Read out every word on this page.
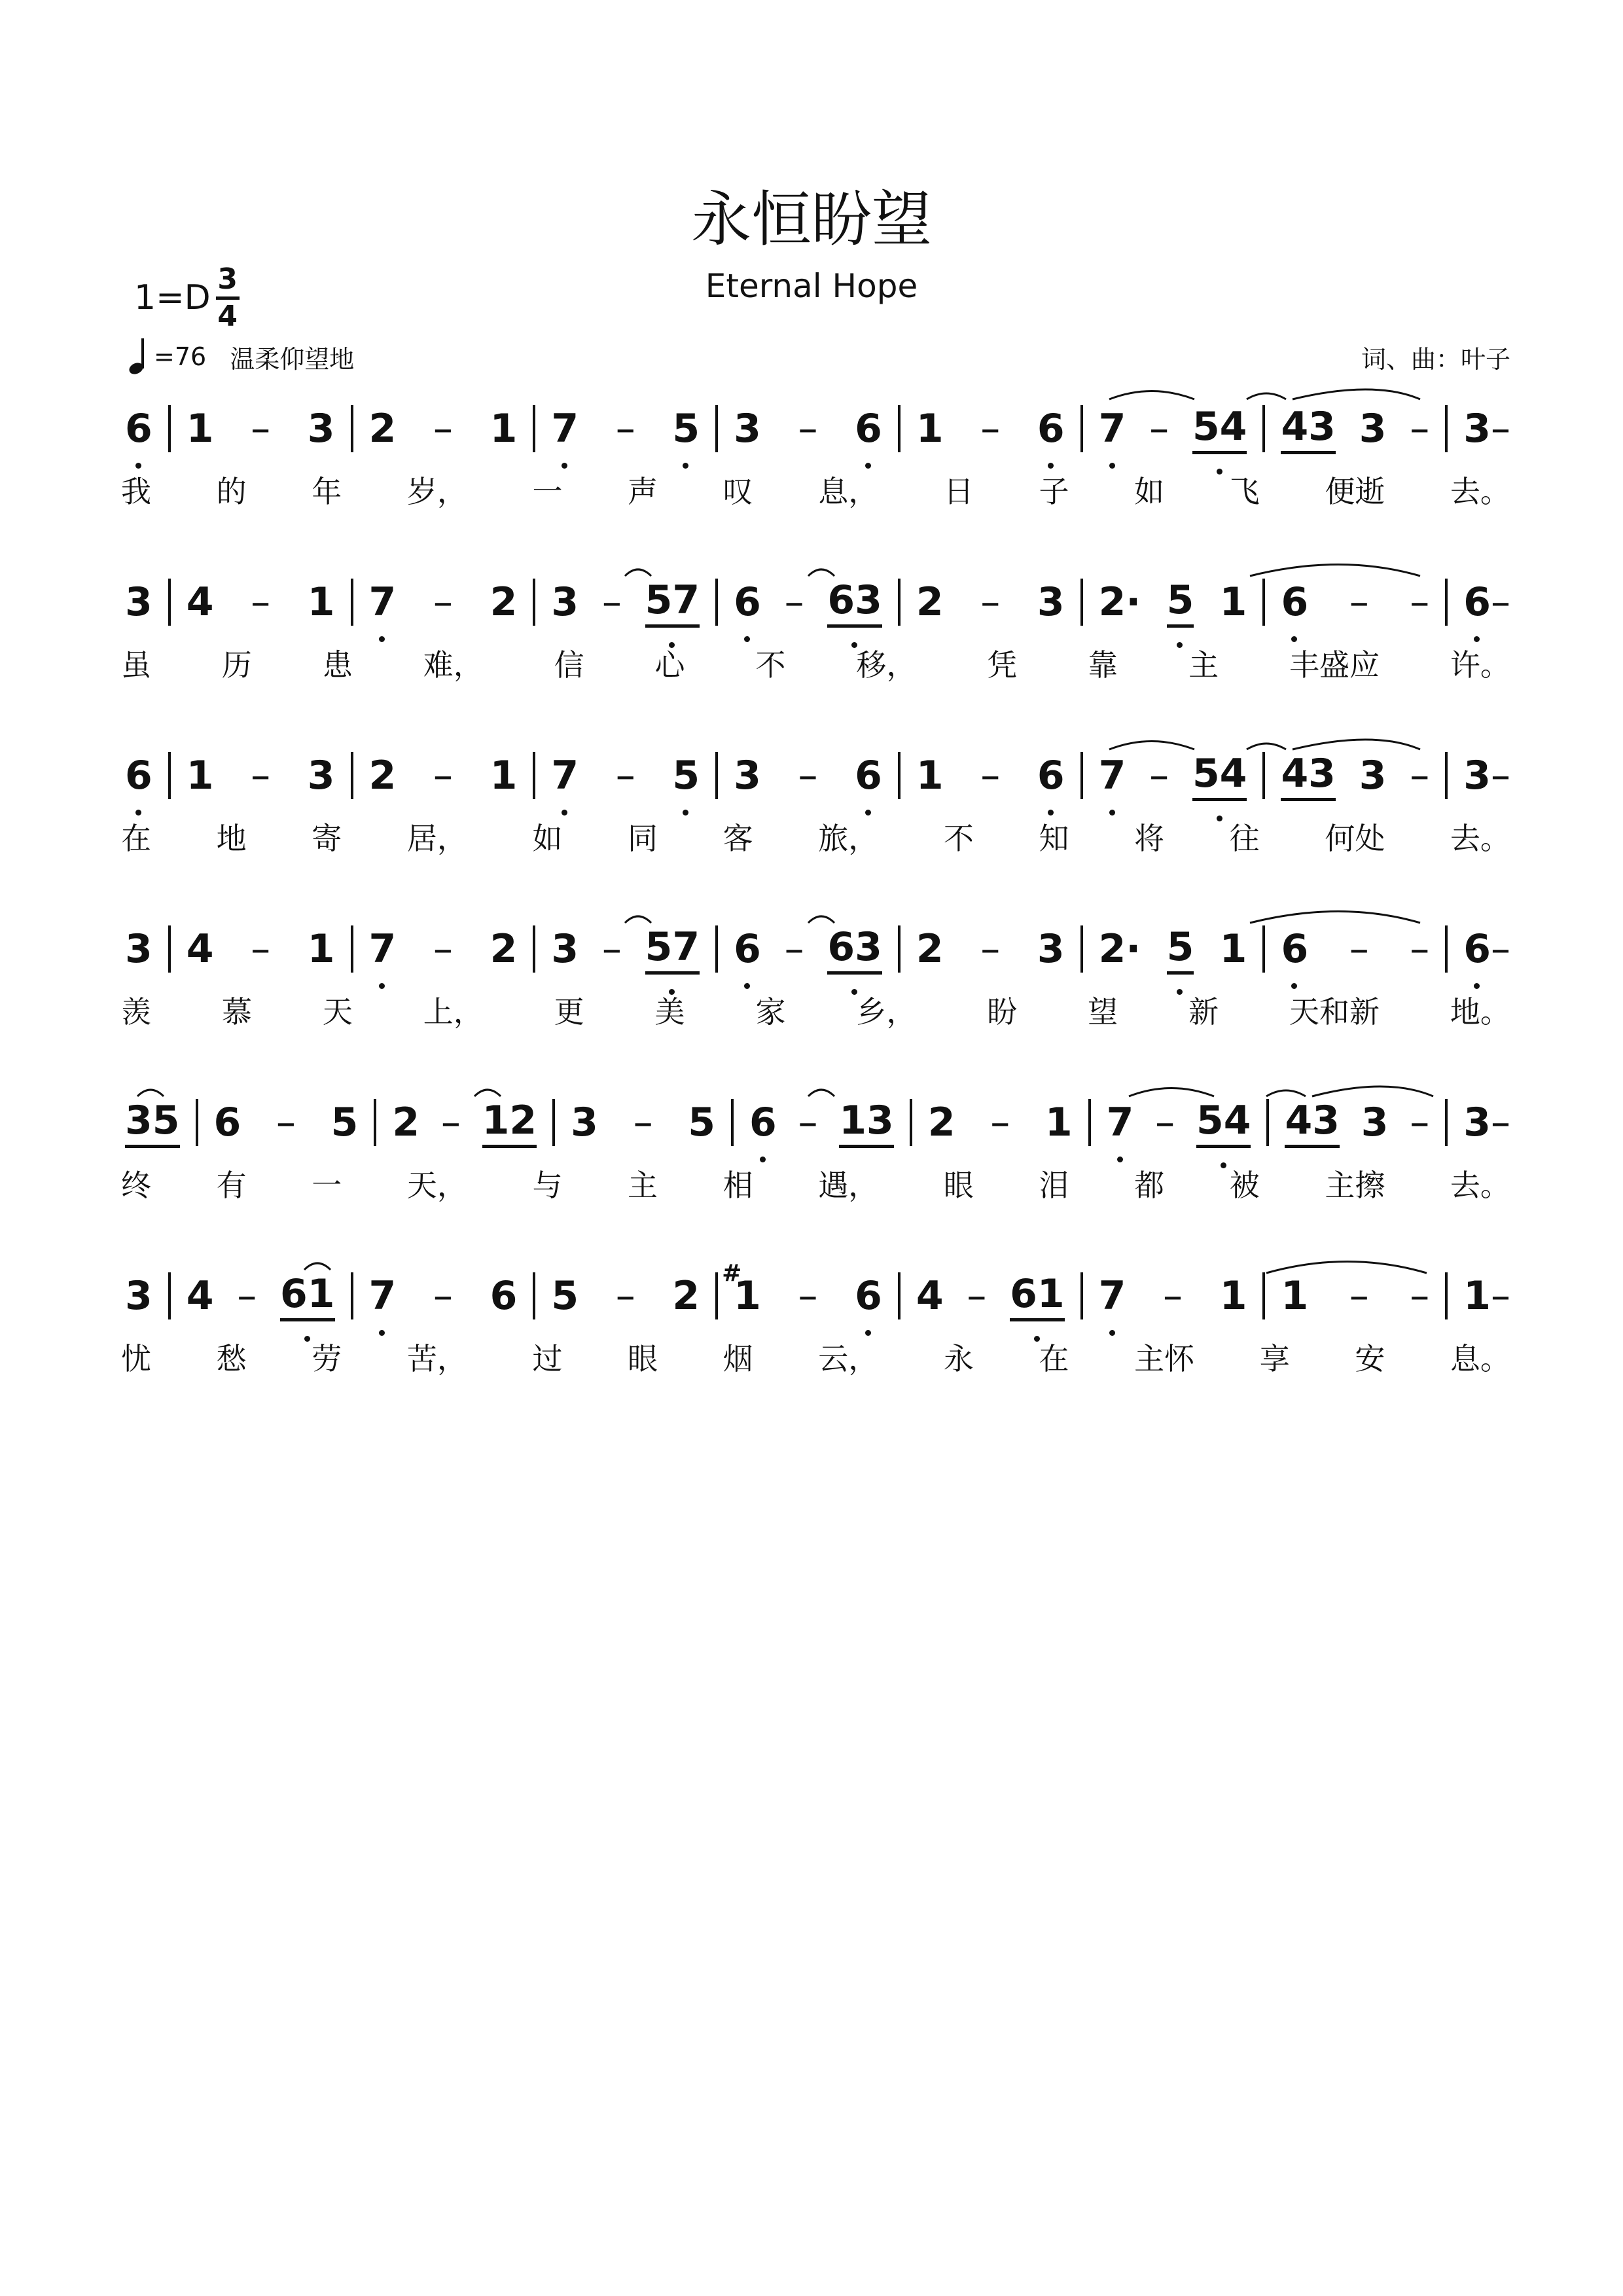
永恒盼望
1=D 3
4
Eternal Hope
=76 温柔仰望地	词、曲：叶子
6 1 – 3 2 – 1 7 – 5 3 – 6 1 – 6 7 – 54 43 3 – 3 –
我 的 年 岁， 一 声 叹 息， 日 子 如 飞 便逝 去。
3 4 – 1 7 – 2 3 – 57 6 – 63 2 – 3 2· 5 1 6 – – 6 –
虽 历 患 难， 信 心 不 移， 凭 靠 主 丰盛应 许。
6 1 – 3 2 – 1 7 – 5 3 – 6 1 – 6 7 – 54 43 3 – 3 –
在 地 寄 居， 如 同 客 旅， 不 知 将 往 何处 去。
3 4 – 1 7 – 2 3 – 57 6 – 63 2 – 3 2· 5 1 6 – – 6 –
羡 慕 天 上， 更 美 家 乡， 盼 望 新 天和新 地。
35 6 – 5 2 – 12 3 – 5 6 – 13 2 – 1 7 – 54 43 3 – 3 –
终 有 一 天， 与 主 相 遇， 眼 泪 都 被 主擦 去。
3 4 – 61 7 – 6 5 – 2 #
1 – 6 4 – 61 7 – 1 1 – – 1 –
忧 愁 劳 苦， 过 眼 烟 云， 永 在 主怀 享 安 息。
